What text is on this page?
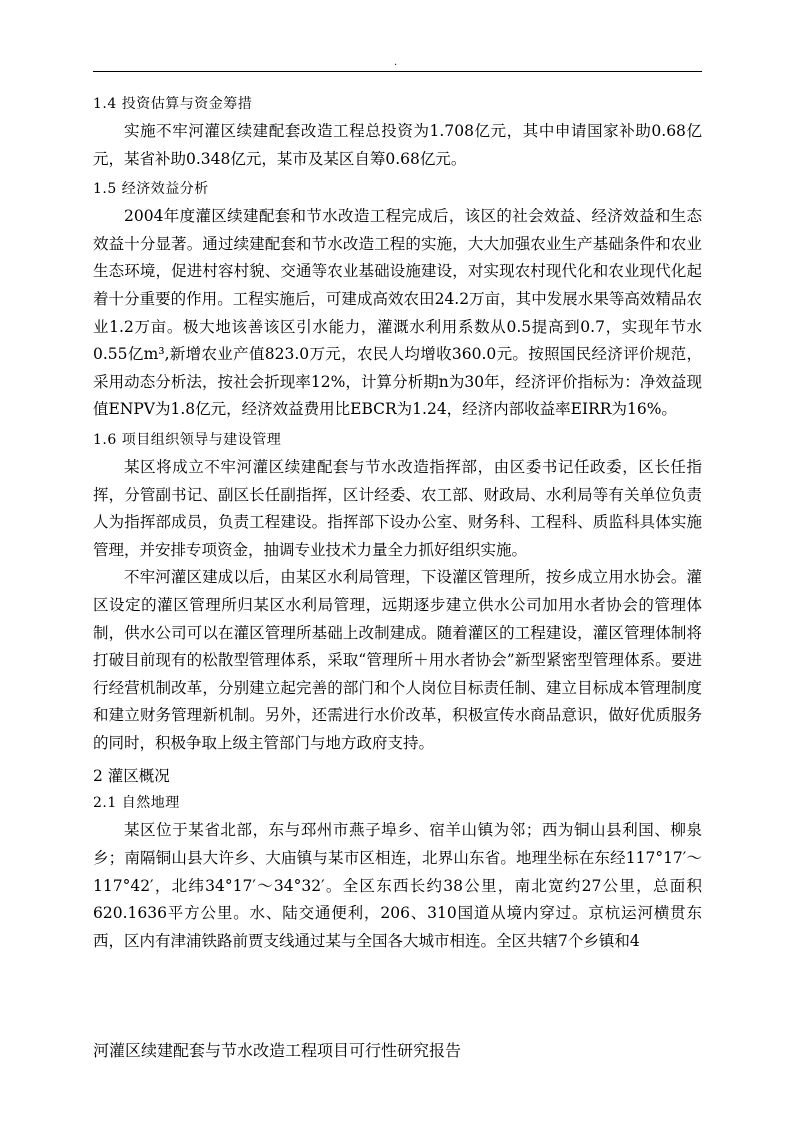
.
1.4 投资估算与资金筹措

实施不牢河灌区续建配套改造工程总投资为1.708亿元，其中申请国家补助0.68亿元，某省补助0.348亿元，某市及某区自筹0.68亿元。

1.5 经济效益分析

2004年度灌区续建配套和节水改造工程完成后，该区的社会效益、经济效益和生态效益十分显著。通过续建配套和节水改造工程的实施，大大加强农业生产基础条件和农业生态环境，促进村容村貌、交通等农业基础设施建设，对实现农村现代化和农业现代化起着十分重要的作用。工程实施后，可建成高效农田24.2万亩，其中发展水果等高效精品农业1.2万亩。极大地该善该区引水能力，灌溉水利用系数从0.5提高到0.7，实现年节水0.55亿m³,新增农业产值823.0万元，农民人均增收360.0元。按照国民经济评价规范，采用动态分析法，按社会折现率12%，计算分析期n为30年，经济评价指标为：净效益现值ENPV为1.8亿元，经济效益费用比EBCR为1.24，经济内部收益率EIRR为16%。

1.6 项目组织领导与建设管理

某区将成立不牢河灌区续建配套与节水改造指挥部，由区委书记任政委，区长任指挥，分管副书记、副区长任副指挥，区计经委、农工部、财政局、水利局等有关单位负责人为指挥部成员，负责工程建设。指挥部下设办公室、财务科、工程科、质监科具体实施管理，并安排专项资金，抽调专业技术力量全力抓好组织实施。

不牢河灌区建成以后，由某区水利局管理，下设灌区管理所，按乡成立用水协会。灌区设定的灌区管理所归某区水利局管理，远期逐步建立供水公司加用水者协会的管理体制，供水公司可以在灌区管理所基础上改制建成。随着灌区的工程建设，灌区管理体制将打破目前现有的松散型管理体系，采取“管理所＋用水者协会”新型紧密型管理体系。要进行经营机制改革，分别建立起完善的部门和个人岗位目标责任制、建立目标成本管理制度和建立财务管理新机制。另外，还需进行水价改革，积极宣传水商品意识，做好优质服务的同时，积极争取上级主管部门与地方政府支持。

2 灌区概况
2.1 自然地理

某区位于某省北部，东与邳州市燕子埠乡、宿羊山镇为邻；西为铜山县利国、柳泉乡；南隔铜山县大许乡、大庙镇与某市区相连，北界山东省。地理坐标在东经117°17′～117°42′，北纬34°17′～34°32′。全区东西长约38公里，南北宽约27公里，总面积620.1636平方公里。水、陆交通便利，206、310国道从境内穿过。京杭运河横贯东西，区内有津浦铁路前贾支线通过某与全国各大城市相连。全区共辖7个乡镇和4

河灌区续建配套与节水改造工程项目可行性研究报告
